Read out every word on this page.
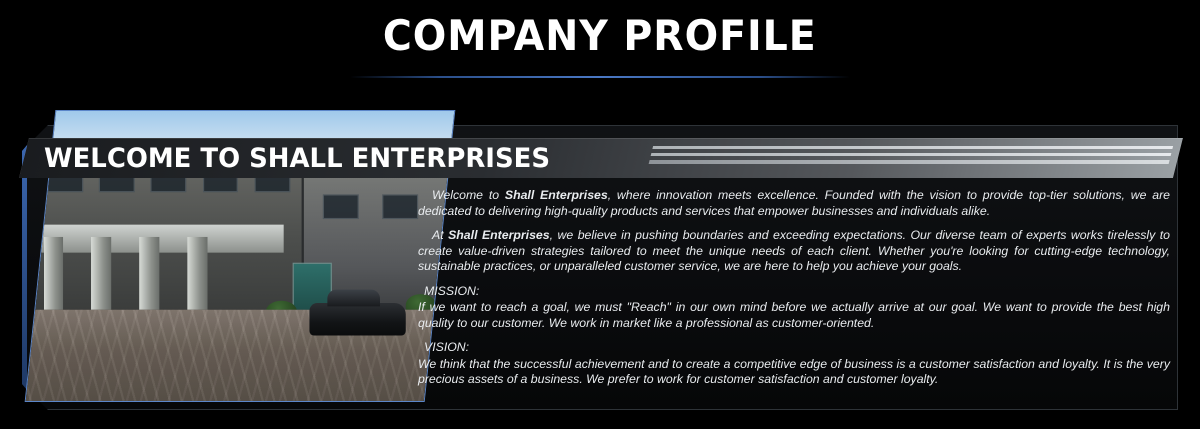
COMPANY PROFILE
WELCOME TO SHALL ENTERPRISES

Welcome to Shall Enterprises, where innovation meets excellence. Founded with the vision to provide top-tier solutions, we are dedicated to delivering high-quality products and services that empower businesses and individuals alike.

At Shall Enterprises, we believe in pushing boundaries and exceeding expectations. Our diverse team of experts works tirelessly to create value-driven strategies tailored to meet the unique needs of each client. Whether you're looking for cutting-edge technology, sustainable practices, or unparalleled customer service, we are here to help you achieve your goals.

MISSION:
If we want to reach a goal, we must "Reach" in our own mind before we actually arrive at our goal. We want to provide the best high quality to our customer. We work in market like a professional as customer-oriented.

VISION:
We think that the successful achievement and to create a competitive edge of business is a customer satisfaction and loyalty. It is the very precious assets of a business. We prefer to work for customer satisfaction and customer loyalty.
